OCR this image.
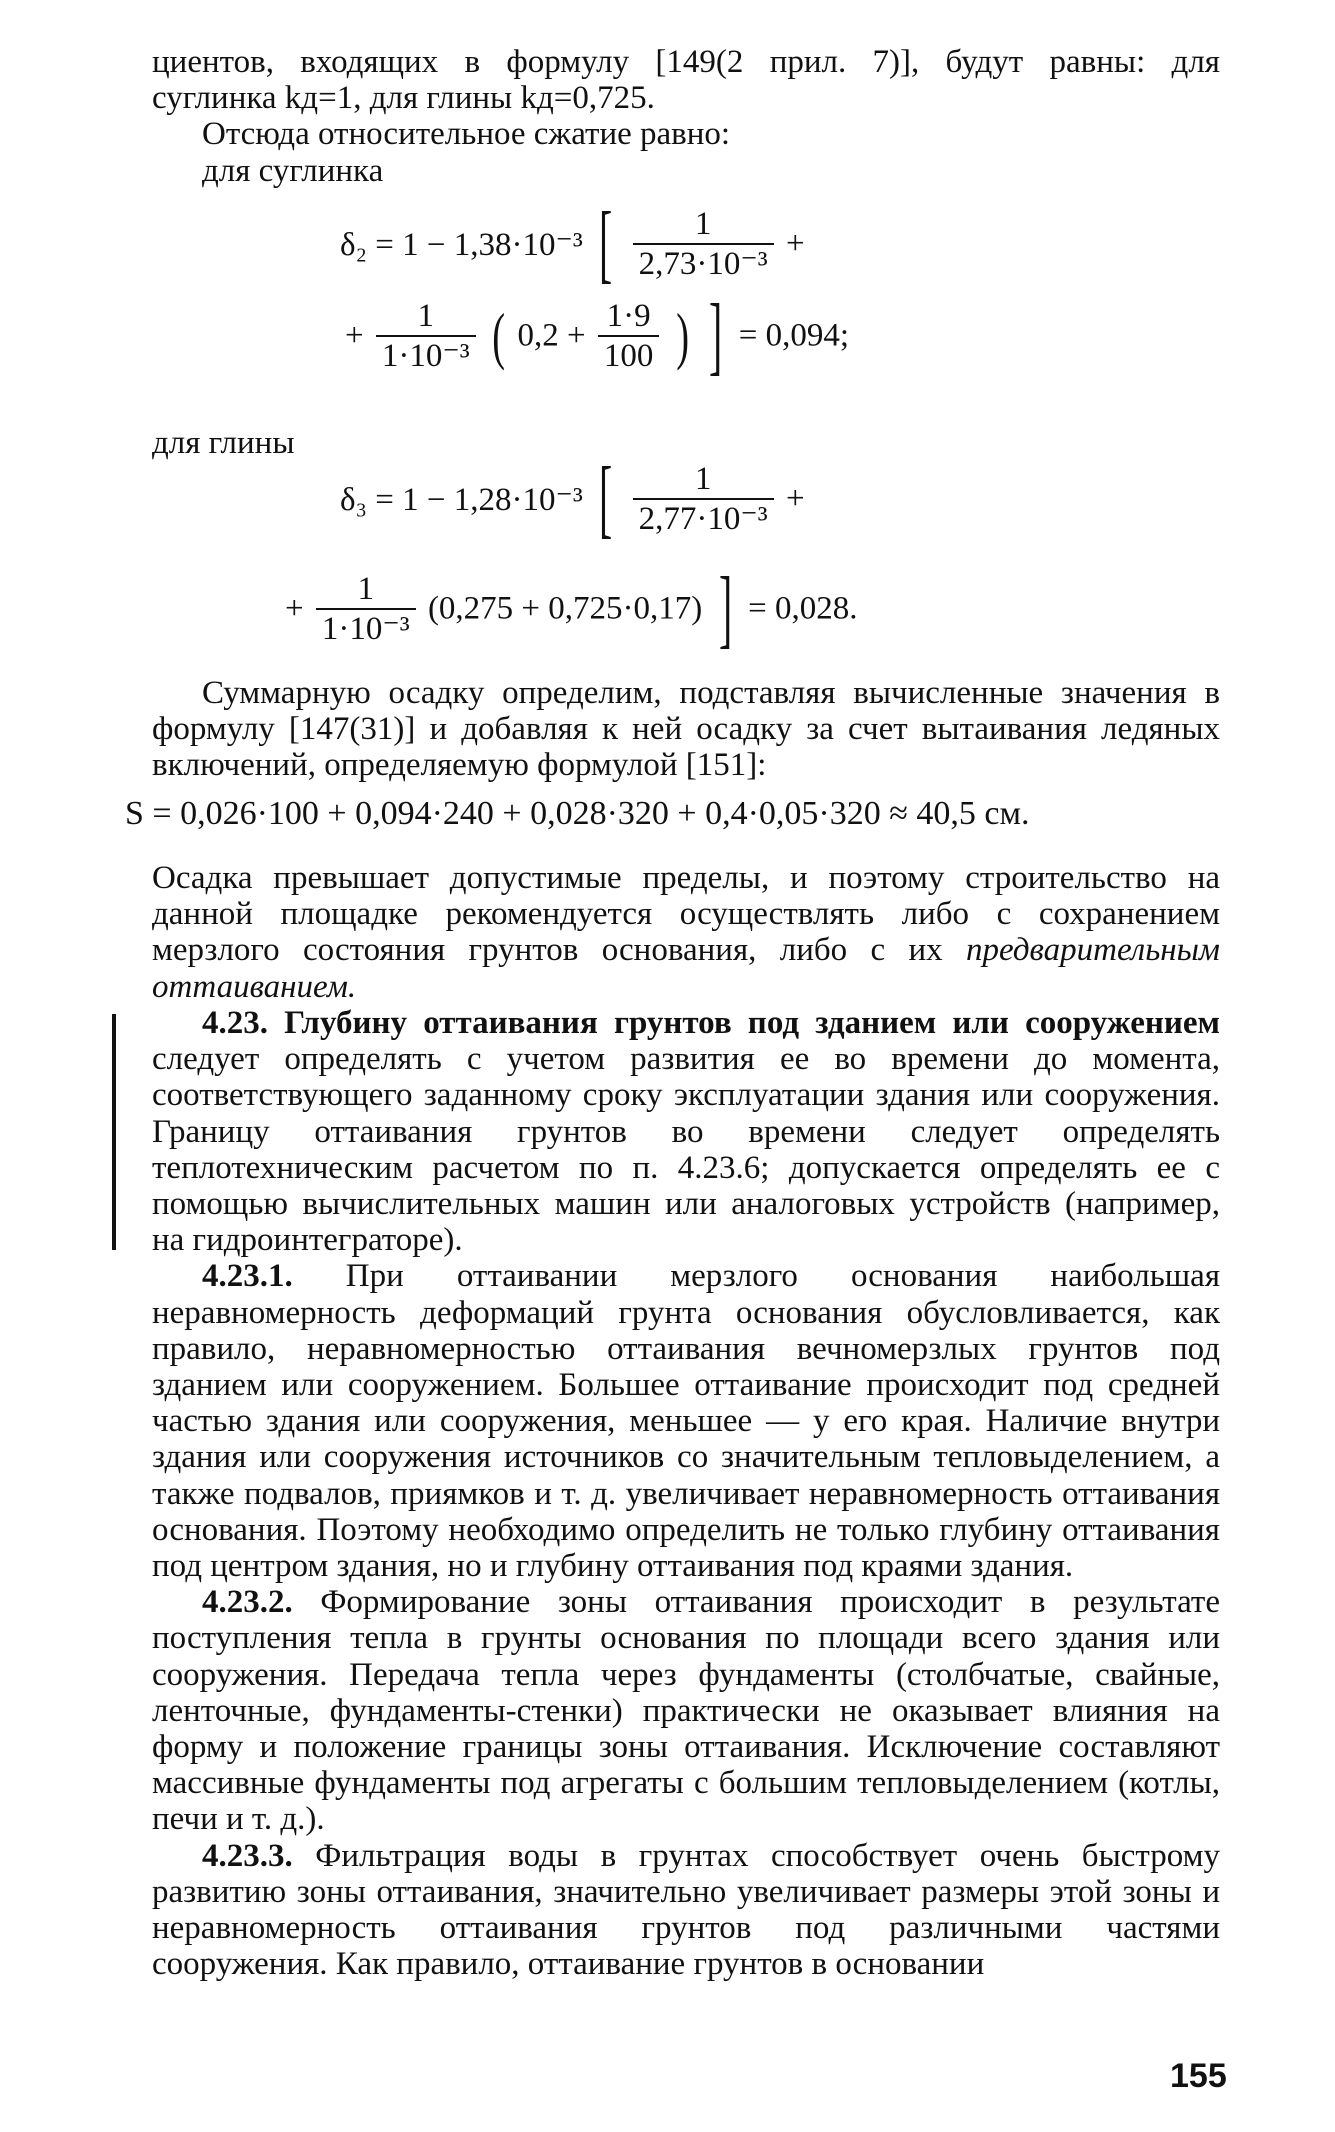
циентов, входящих в формулу [149(2 прил. 7)], будут равны: для

суглинка kд=1, для глины kд=0,725.

Отсюда относительное сжатие равно:

для суглинка

δ₂ = 1 − 1,38·10⁻³ [ $\frac{1}{\text{2,73·10⁻³}}$ +
+ $\frac{1}{\text{1·10⁻³}}$ ( $0,2 + \frac{1\cdot 9}{100}$ ) ] = 0,094;
для глины
δ₃ = 1 − 1,28·10⁻³ [ $\frac{1}{\text{2,77·10⁻³}}$ +
+ $\frac{1}{\text{1·10⁻³}} (0,275 + 0,725\cdot 0,17)$ ] = 0,028.

Суммарную осадку определим, подставляя вычисленные значения в формулу [147(31)] и добавляя к ней осадку за счет вытаивания ледяных включений, определяемую формулой [151]:

S = 0,026·100 + 0,094·240 + 0,028·320 + 0,4·0,05·320 ≈ 40,5 см.

Осадка превышает допустимые пределы, и поэтому строительство на данной площадке рекомендуется осуществлять либо с сохранением мерзлого состояния грунтов основания, либо с их предварительным оттаиванием.

4.23. Глубину оттаивания грунтов под зданием или сооружением следует определять с учетом развития ее во времени до момента, соответствующего заданному сроку эксплуатации здания или сооружения. Границу оттаивания грунтов во времени следует определять теплотехническим расчетом по п. 4.23.6; допускается определять ее с помощью вычислительных машин или аналоговых устройств (например, на гидроинтеграторе).

4.23.1. При оттаивании мерзлого основания наибольшая неравномерность деформаций грунта основания обусловливается, как правило, неравномерностью оттаивания вечномерзлых грунтов под зданием или сооружением. Большее оттаивание происходит под средней частью здания или сооружения, меньшее — у его края. Наличие внутри здания или сооружения источников со значительным тепловыделением, а также подвалов, приямков и т. д. увеличивает неравномерность оттаивания основания. Поэтому необходимо определить не только глубину оттаивания под центром здания, но и глубину оттаивания под краями здания.

4.23.2. Формирование зоны оттаивания происходит в результате поступления тепла в грунты основания по площади всего здания или сооружения. Передача тепла через фундаменты (столбчатые, свайные, ленточные, фундаменты-стенки) практически не оказывает влияния на форму и положение границы зоны оттаивания. Исключение составляют массивные фундаменты под агрегаты с большим тепловыделением (котлы, печи и т. д.).

4.23.3. Фильтрация воды в грунтах способствует очень быстрому развитию зоны оттаивания, значительно увеличивает размеры этой зоны и неравномерность оттаивания грунтов под различными частями сооружения. Как правило, оттаивание грунтов в основании

155
